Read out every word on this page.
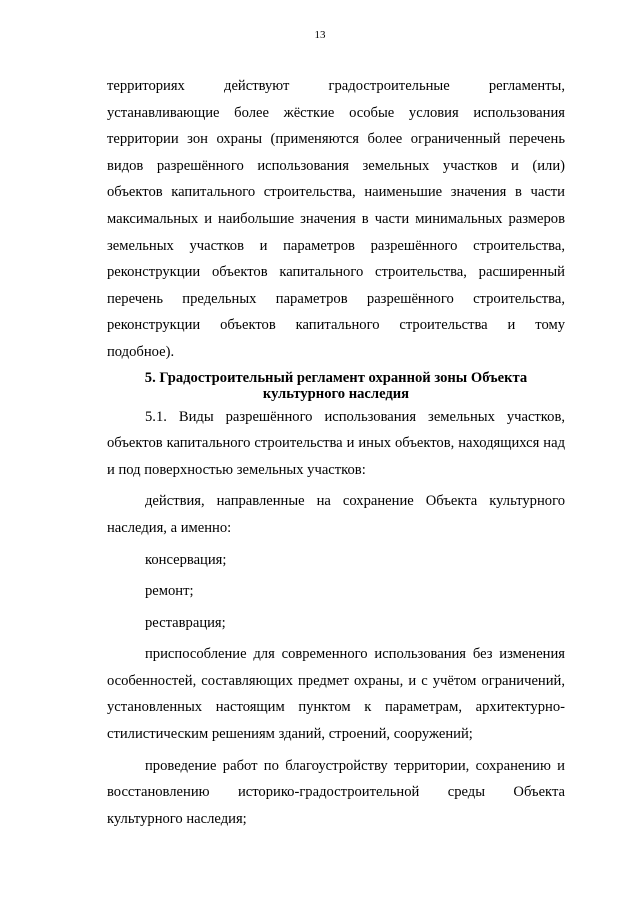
13

территориях действуют градостроительные регламенты,
устанавливающие более жёсткие особые условия использования
территории зон охраны (применяются более ограниченный перечень
видов разрешённого использования земельных участков и (или)
объектов капитального строительства, наименьшие значения в части
максимальных и наибольшие значения в части минимальных размеров
земельных участков и параметров разрешённого строительства,
реконструкции объектов капитального строительства, расширенный
перечень предельных параметров разрешённого строительства,
реконструкции объектов капитального строительства и тому
подобное).

5. Градостроительный регламент охранной зоны Объекта
культурного наследия

5.1. Виды разрешённого использования земельных участков, объектов капитального строительства и иных объектов, находящихся над и под поверхностью земельных участков:

действия, направленные на сохранение Объекта культурного наследия, а именно:

консервация;

ремонт;

реставрация;

приспособление для современного использования без изменения особенностей, составляющих предмет охраны, и с учётом ограничений, установленных настоящим пунктом к параметрам, архитектурно-стилистическим решениям зданий, строений, сооружений;

проведение работ по благоустройству территории, сохранению и восстановлению историко-градостроительной среды Объекта культурного наследия;
